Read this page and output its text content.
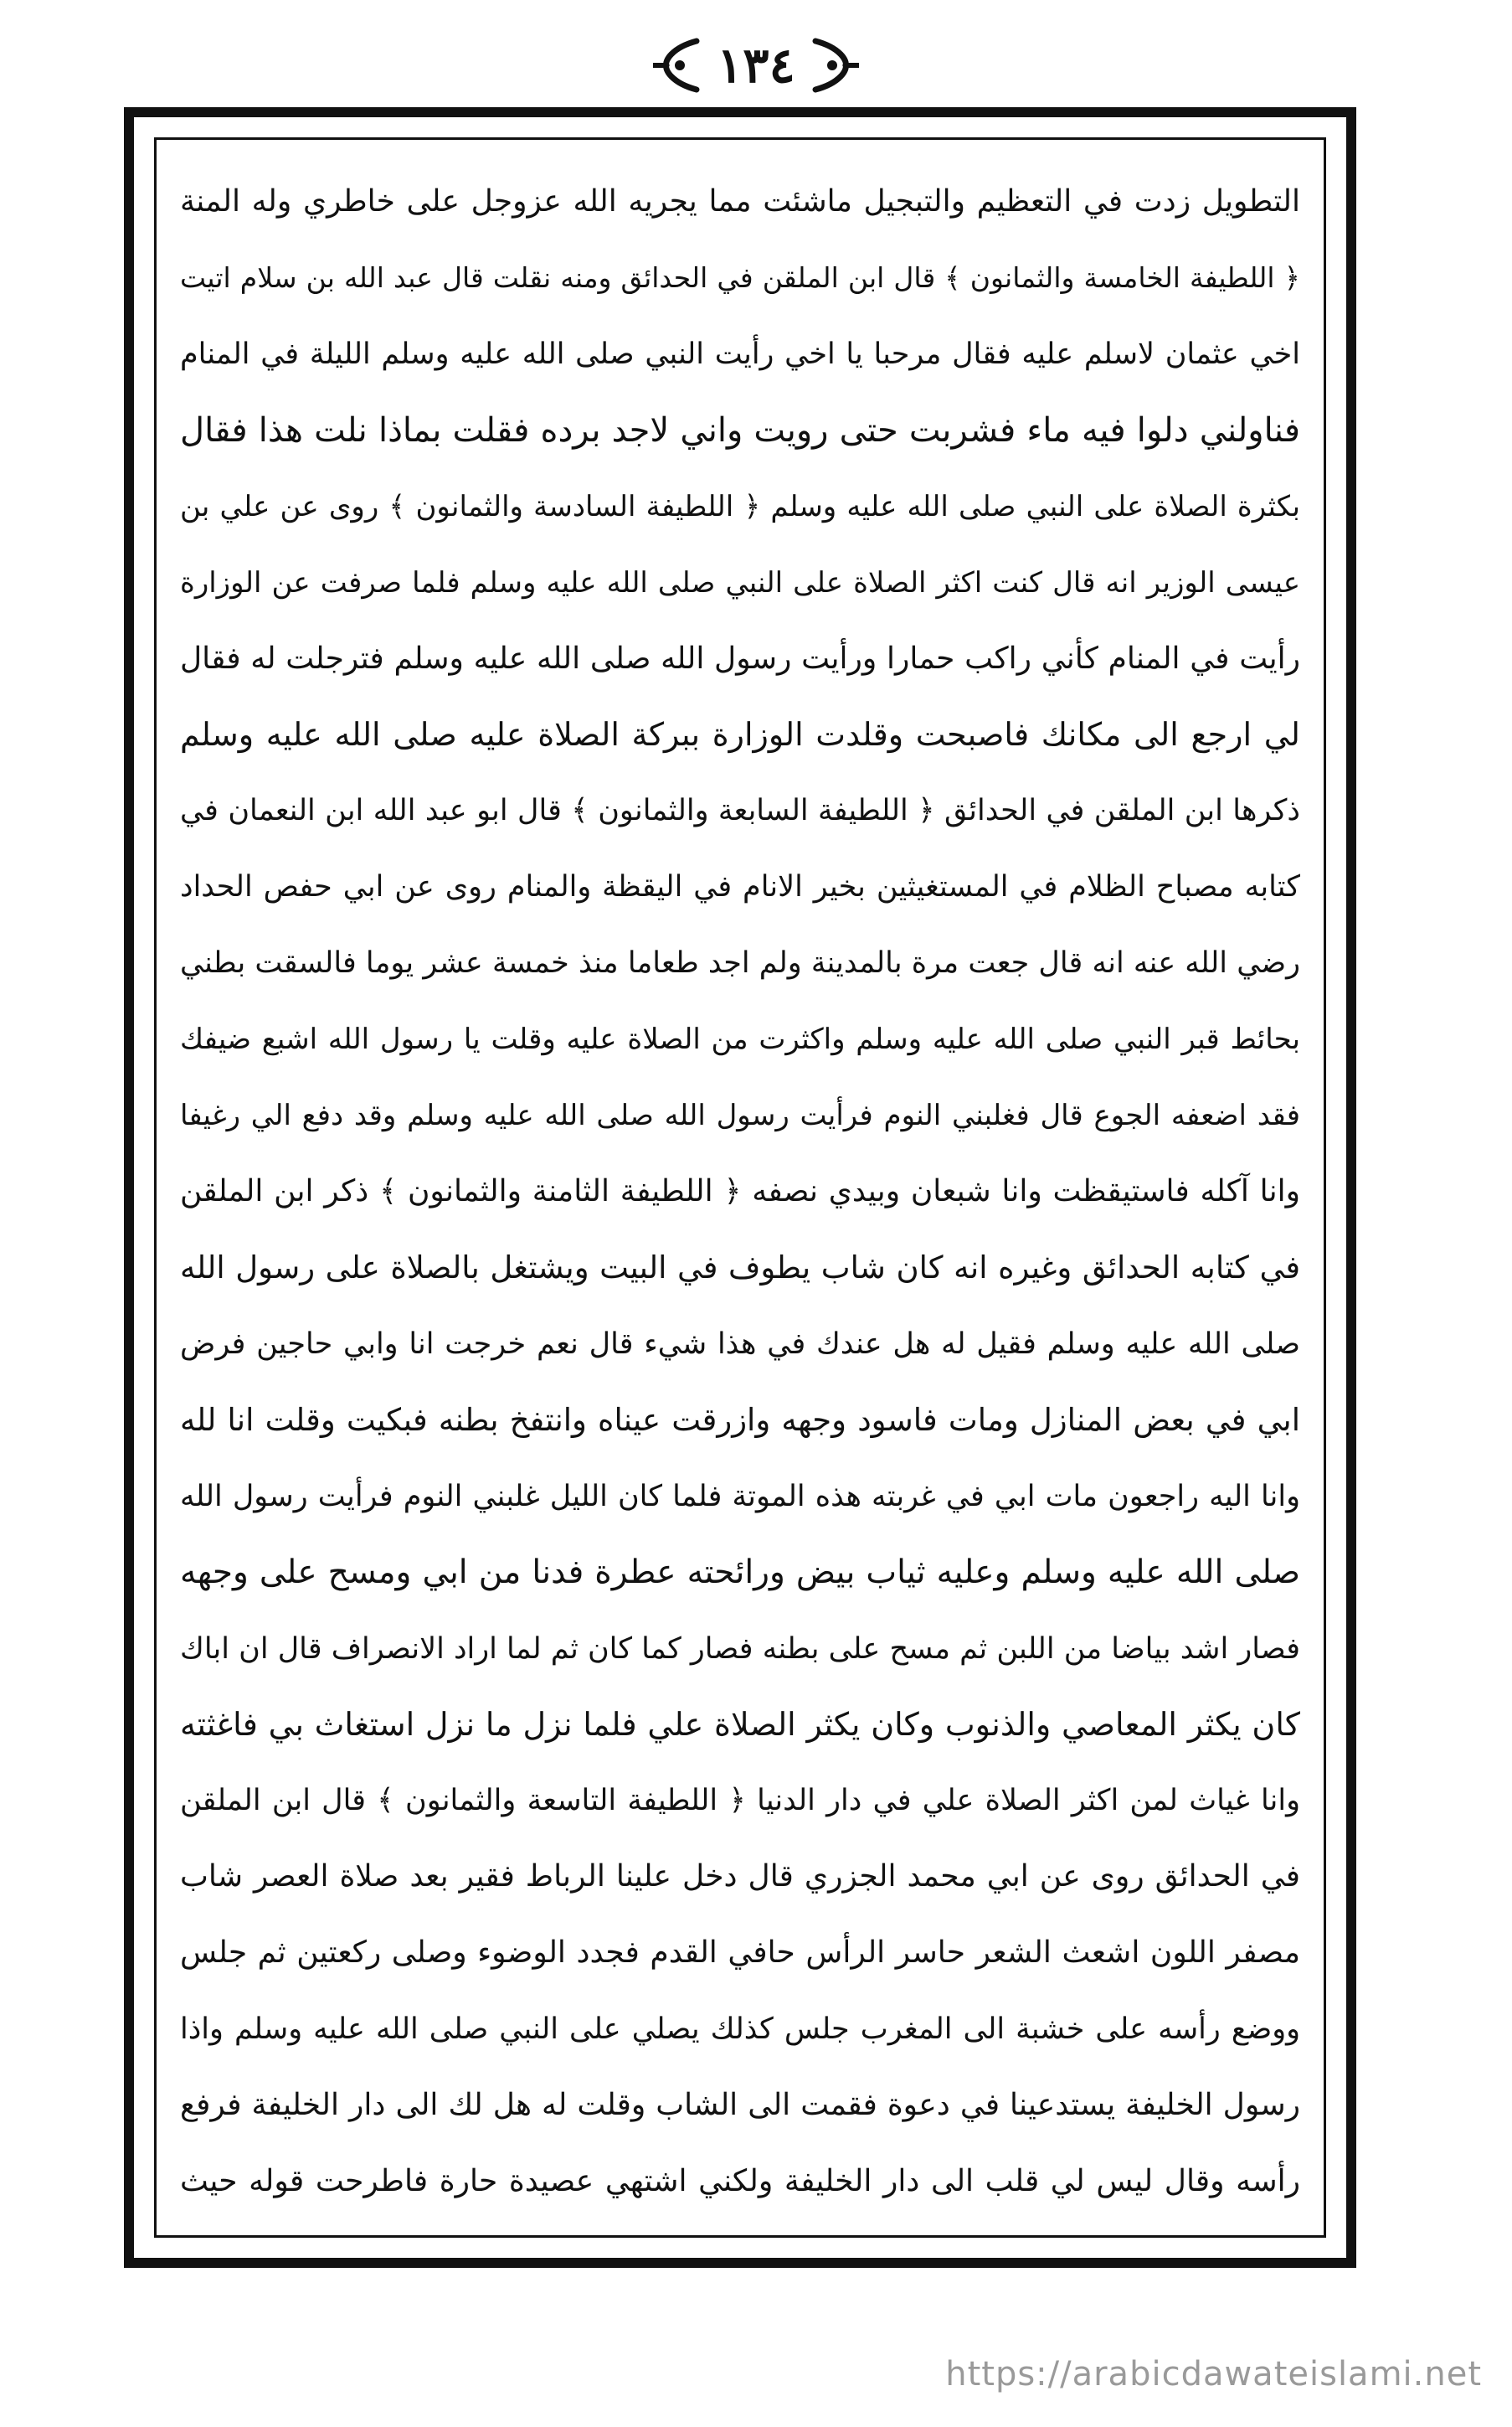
۱۳٤
التطويل زدت في التعظيم والتبجيل ماشئت مما يجريه الله عزوجل على خاطري وله المنة
﴿ اللطيفة الخامسة والثمانون ﴾ قال ابن الملقن في الحدائق ومنه نقلت قال عبد الله بن سلام اتيت
اخي عثمان لاسلم عليه فقال مرحبا يا اخي رأيت النبي صلى الله عليه وسلم الليلة في المنام
فناولني دلوا فيه ماء فشربت حتى رويت واني لاجد برده فقلت بماذا نلت هذا فقال
بكثرة الصلاة على النبي صلى الله عليه وسلم ﴿ اللطيفة السادسة والثمانون ﴾ روى عن علي بن
عيسى الوزير انه قال كنت اكثر الصلاة على النبي صلى الله عليه وسلم فلما صرفت عن الوزارة
رأيت في المنام كأني راكب حمارا ورأيت رسول الله صلى الله عليه وسلم فترجلت له فقال
لي ارجع الى مكانك فاصبحت وقلدت الوزارة ببركة الصلاة عليه صلى الله عليه وسلم
ذكرها ابن الملقن في الحدائق ﴿ اللطيفة السابعة والثمانون ﴾ قال ابو عبد الله ابن النعمان في
كتابه مصباح الظلام في المستغيثين بخير الانام في اليقظة والمنام روى عن ابي حفص الحداد
رضي الله عنه انه قال جعت مرة بالمدينة ولم اجد طعاما منذ خمسة عشر يوما فالسقت بطني
بحائط قبر النبي صلى الله عليه وسلم واكثرت من الصلاة عليه وقلت يا رسول الله اشبع ضيفك
فقد اضعفه الجوع قال فغلبني النوم فرأيت رسول الله صلى الله عليه وسلم وقد دفع الي رغيفا
وانا آكله فاستيقظت وانا شبعان وبيدي نصفه ﴿ اللطيفة الثامنة والثمانون ﴾ ذكر ابن الملقن
في كتابه الحدائق وغيره انه كان شاب يطوف في البيت ويشتغل بالصلاة على رسول الله
صلى الله عليه وسلم فقيل له هل عندك في هذا شيء قال نعم خرجت انا وابي حاجين فرض
ابي في بعض المنازل ومات فاسود وجهه وازرقت عيناه وانتفخ بطنه فبكيت وقلت انا لله
وانا اليه راجعون مات ابي في غربته هذه الموتة فلما كان الليل غلبني النوم فرأيت رسول الله
صلى الله عليه وسلم وعليه ثياب بيض ورائحته عطرة فدنا من ابي ومسح على وجهه
فصار اشد بياضا من اللبن ثم مسح على بطنه فصار كما كان ثم لما اراد الانصراف قال ان اباك
كان يكثر المعاصي والذنوب وكان يكثر الصلاة علي فلما نزل ما نزل استغاث بي فاغثته
وانا غياث لمن اكثر الصلاة علي في دار الدنيا ﴿ اللطيفة التاسعة والثمانون ﴾ قال ابن الملقن
في الحدائق روى عن ابي محمد الجزري قال دخل علينا الرباط فقير بعد صلاة العصر شاب
مصفر اللون اشعث الشعر حاسر الرأس حافي القدم فجدد الوضوء وصلى ركعتين ثم جلس
ووضع رأسه على خشبة الى المغرب جلس كذلك يصلي على النبي صلى الله عليه وسلم واذا
رسول الخليفة يستدعينا في دعوة فقمت الى الشاب وقلت له هل لك الى دار الخليفة فرفع
رأسه وقال ليس لي قلب الى دار الخليفة ولكني اشتهي عصيدة حارة فاطرحت قوله حيث
https://arabicdawateislami.net
